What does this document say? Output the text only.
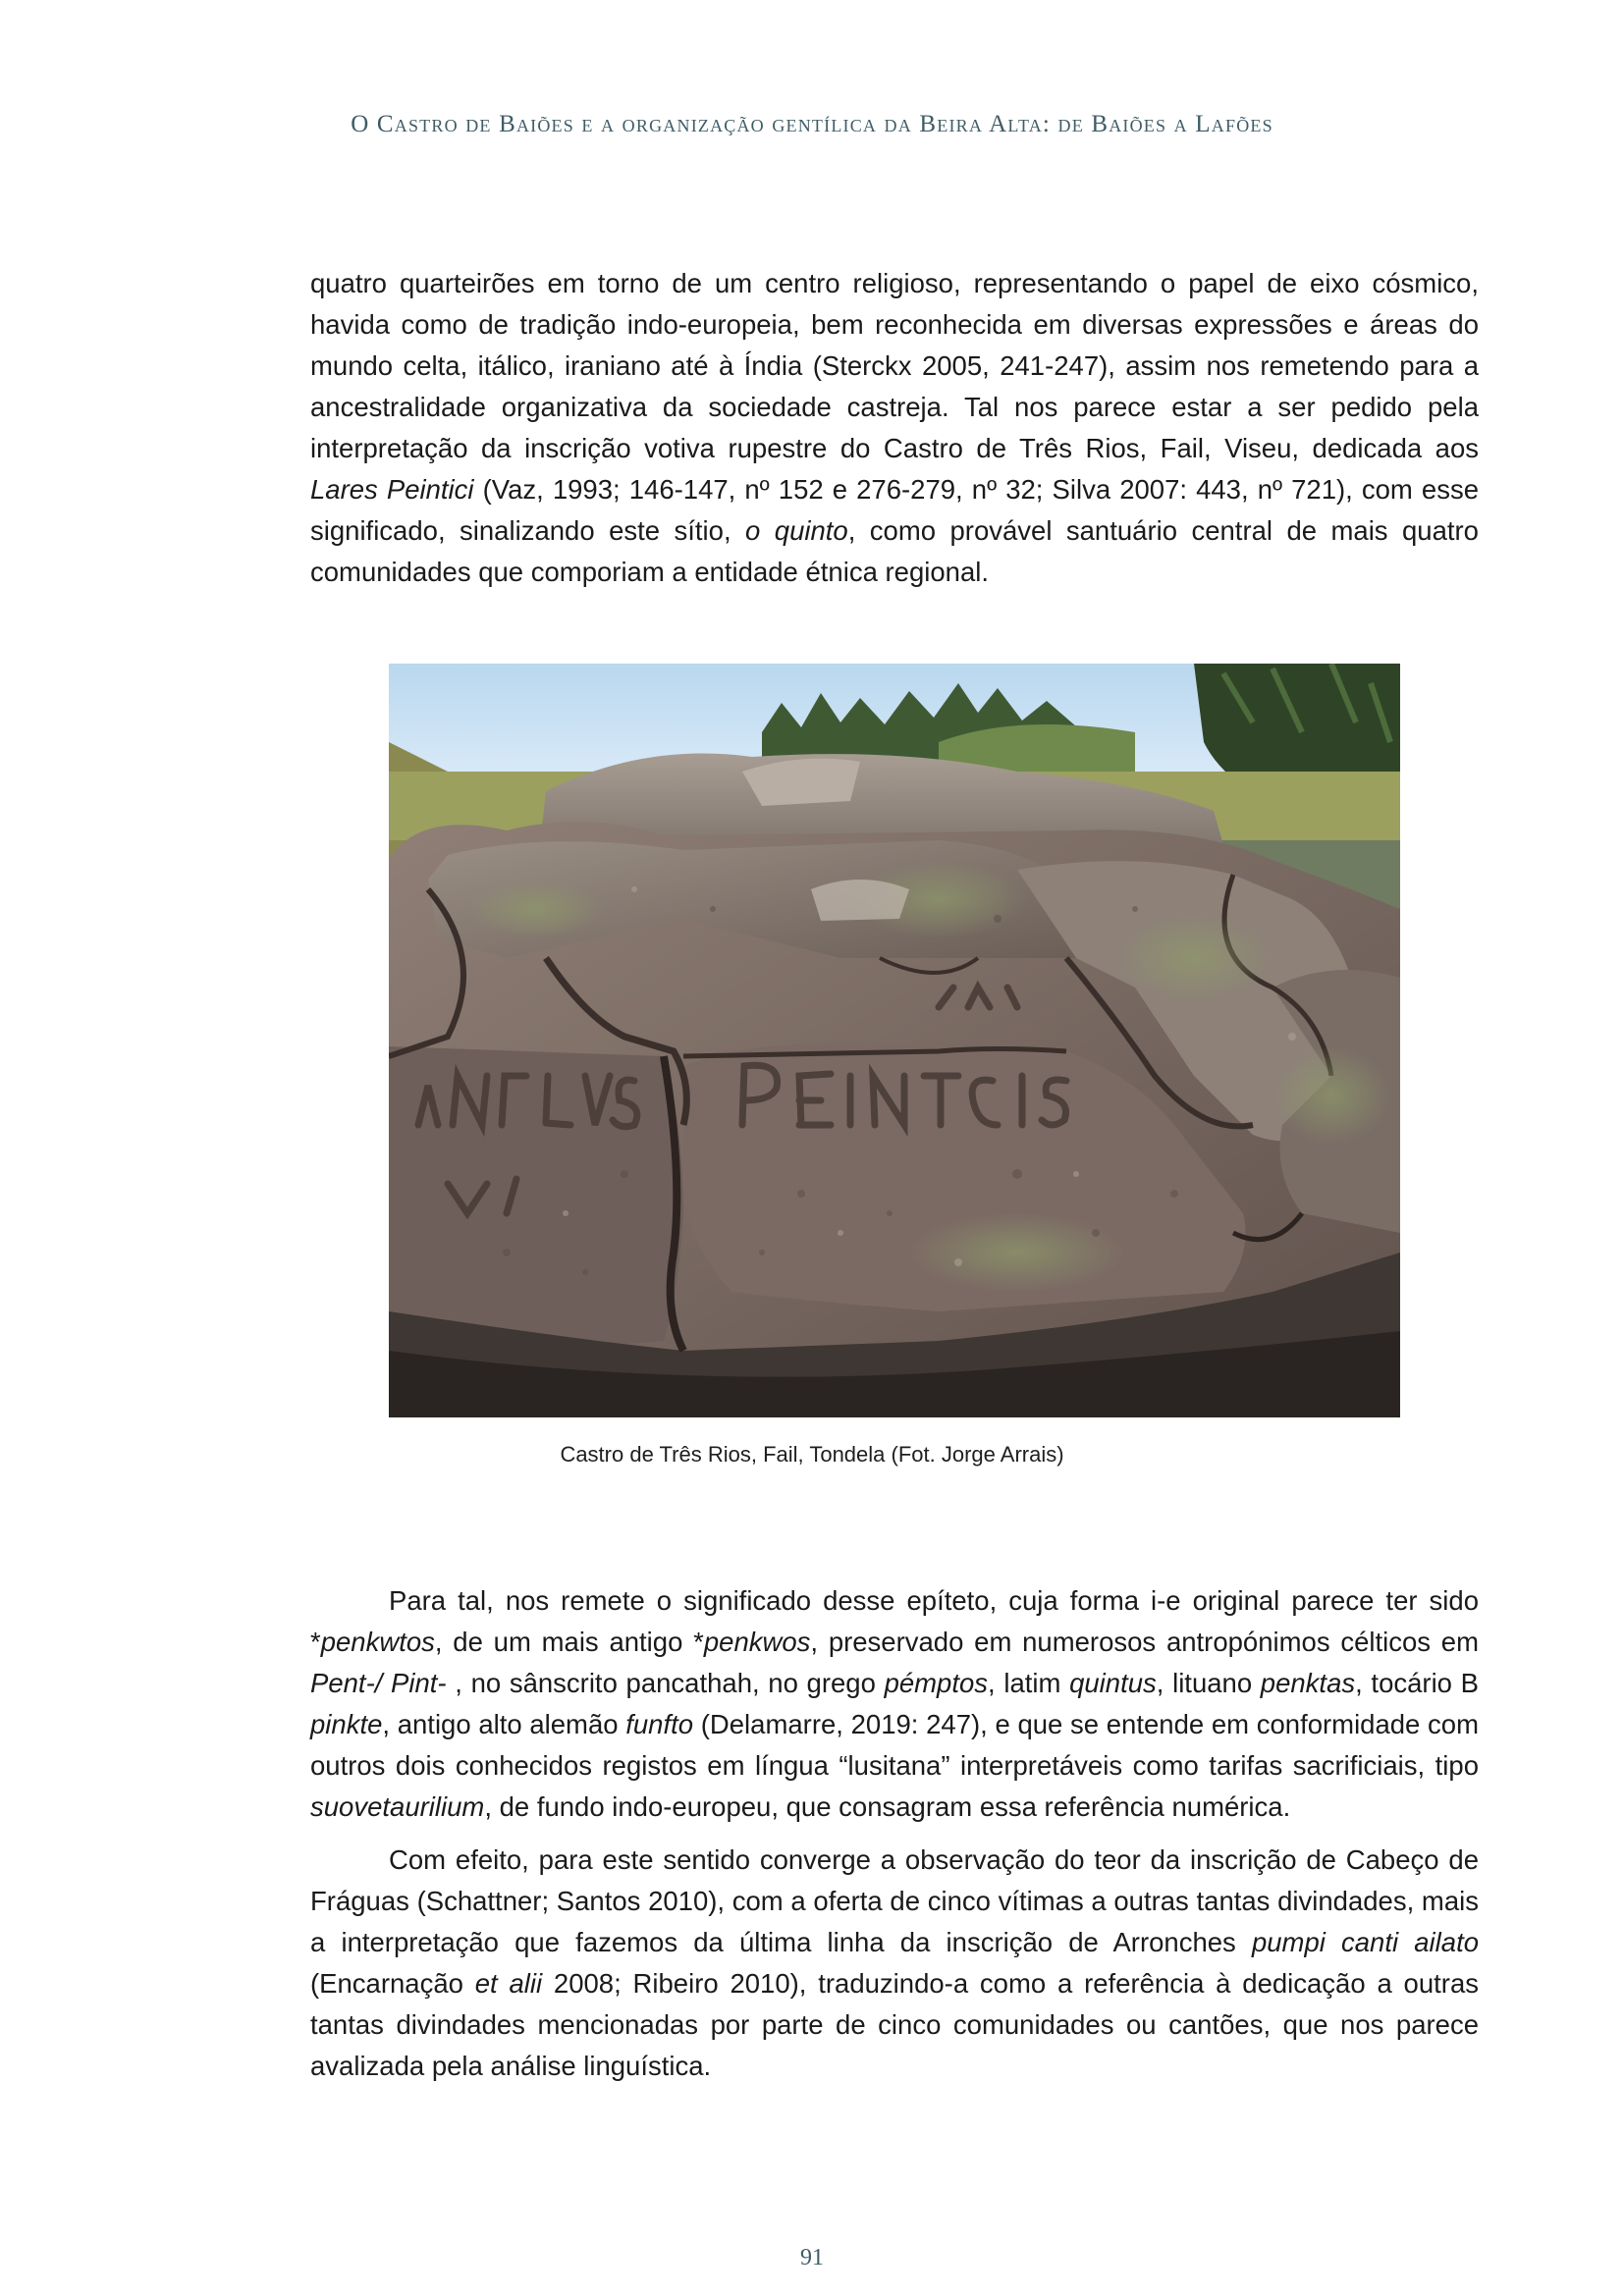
O Castro de Baiões e a organização gentílica da Beira Alta: de Baiões a Lafões

quatro quarteirões em torno de um centro religioso, representando o papel de eixo cósmico, havida como de tradição indo-europeia, bem reconhecida em diversas expressões e áreas do mundo celta, itálico, iraniano até à Índia (Sterckx 2005, 241-247), assim nos remetendo para a ancestralidade organizativa da sociedade castreja. Tal nos parece estar a ser pedido pela interpretação da inscrição votiva rupestre do Castro de Três Rios, Fail, Viseu, dedicada aos Lares Peintici (Vaz, 1993; 146-147, nº 152 e 276-279, nº 32; Silva 2007: 443, nº 721), com esse significado, sinalizando este sítio, o quinto, como provável santuário central de mais quatro comunidades que comporiam a entidade étnica regional.

Castro de Três Rios, Fail, Tondela (Fot. Jorge Arrais)

Para tal, nos remete o significado desse epíteto, cuja forma i-e original parece ter sido *penkwtos, de um mais antigo *penkwos, preservado em numerosos antropónimos célticos em Pent-/ Pint- , no sânscrito pancathah, no grego pémptos, latim quintus, lituano penktas, tocário B pinkte, antigo alto alemão funfto (Delamarre, 2019: 247), e que se entende em conformidade com outros dois conhecidos registos em língua “lusitana” interpretáveis como tarifas sacrificiais, tipo suovetaurilium, de fundo indo-europeu, que consagram essa referência numérica.

Com efeito, para este sentido converge a observação do teor da inscrição de Cabeço de Fráguas (Schattner; Santos 2010), com a oferta de cinco vítimas a outras tantas divindades, mais a interpretação que fazemos da última linha da inscrição de Arronches pumpi canti ailato (Encarnação et alii 2008; Ribeiro 2010), traduzindo-a como a referência à dedicação a outras tantas divindades mencionadas por parte de cinco comunidades ou cantões, que nos parece avalizada pela análise linguística.

91
